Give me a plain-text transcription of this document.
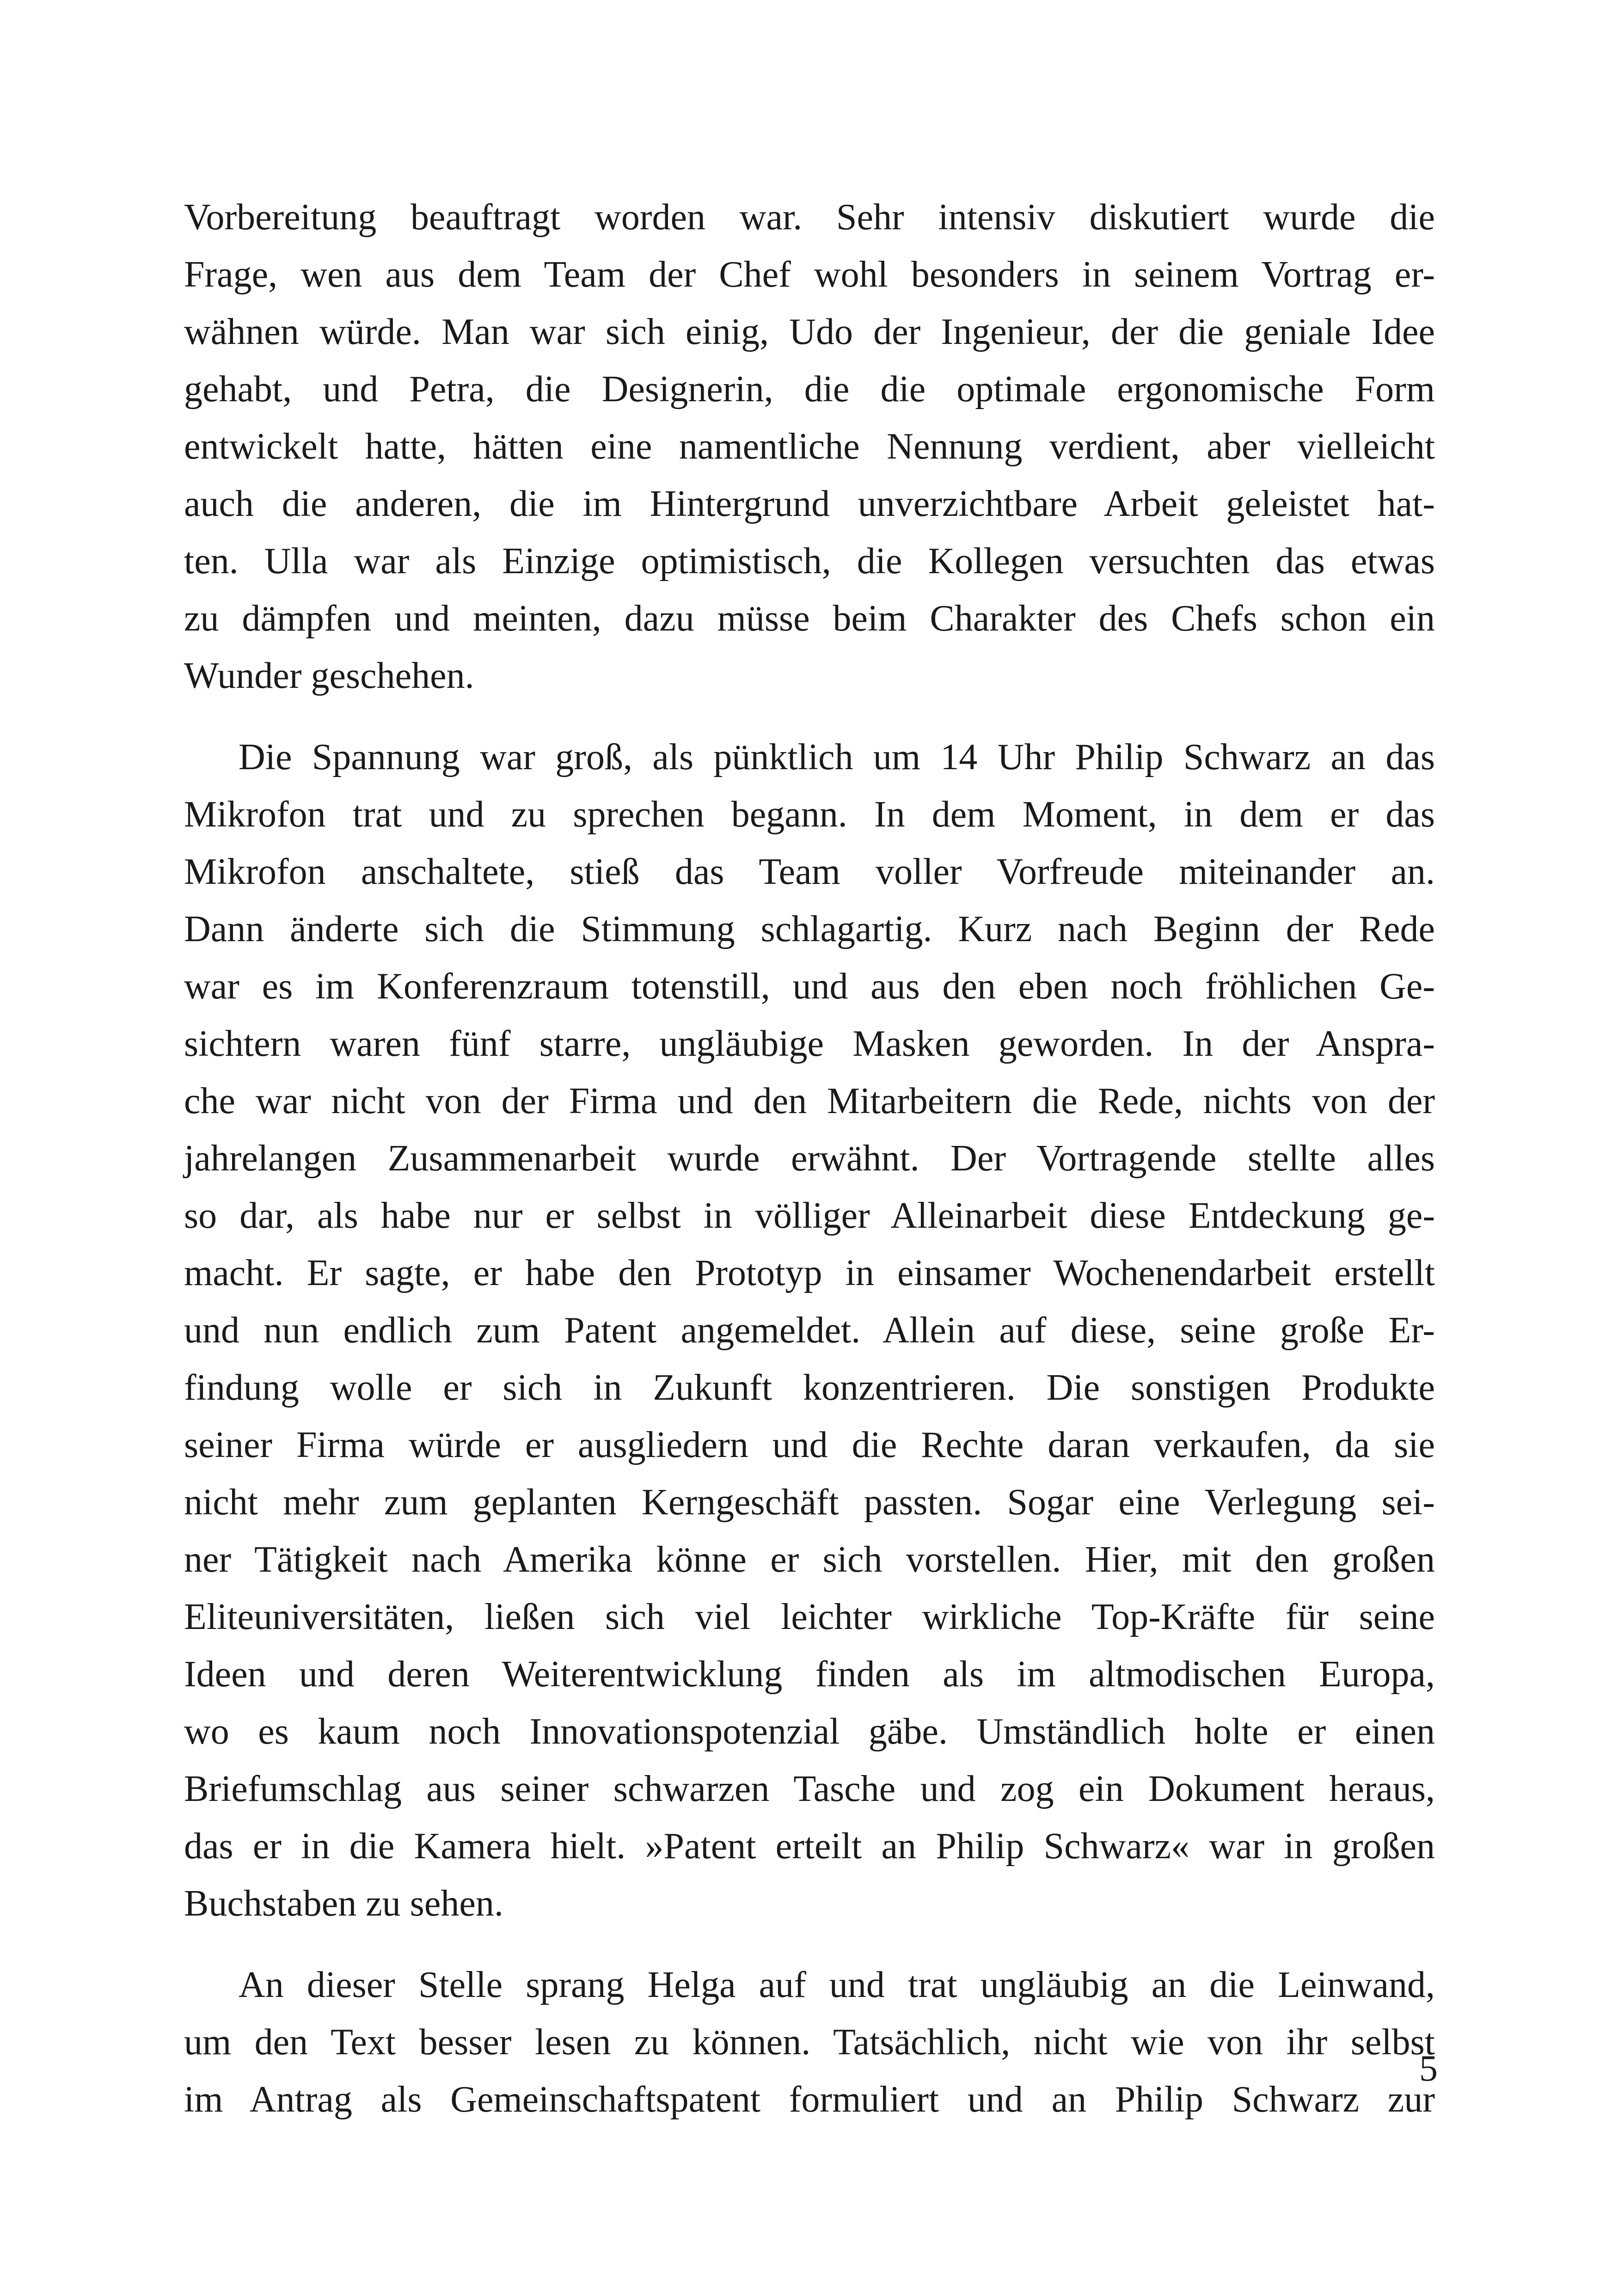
Vorbereitung beauftragt worden war. Sehr intensiv diskutiert wurde die
Frage, wen aus dem Team der Chef wohl besonders in seinem Vortrag er-
wähnen würde. Man war sich einig, Udo der Ingenieur, der die geniale Idee
gehabt, und Petra, die Designerin, die die optimale ergonomische Form
entwickelt hatte, hätten eine namentliche Nennung verdient, aber vielleicht
auch die anderen, die im Hintergrund unverzichtbare Arbeit geleistet hat-
ten. Ulla war als Einzige optimistisch, die Kollegen versuchten das etwas
zu dämpfen und meinten, dazu müsse beim Charakter des Chefs schon ein
Wunder geschehen.
Die Spannung war groß, als pünktlich um 14 Uhr Philip Schwarz an das
Mikrofon trat und zu sprechen begann. In dem Moment, in dem er das
Mikrofon anschaltete, stieß das Team voller Vorfreude miteinander an.
Dann änderte sich die Stimmung schlagartig. Kurz nach Beginn der Rede
war es im Konferenzraum totenstill, und aus den eben noch fröhlichen Ge-
sichtern waren fünf starre, ungläubige Masken geworden. In der Anspra-
che war nicht von der Firma und den Mitarbeitern die Rede, nichts von der
jahrelangen Zusammenarbeit wurde erwähnt. Der Vortragende stellte alles
so dar, als habe nur er selbst in völliger Alleinarbeit diese Entdeckung ge-
macht. Er sagte, er habe den Prototyp in einsamer Wochenendarbeit erstellt
und nun endlich zum Patent angemeldet. Allein auf diese, seine große Er-
findung wolle er sich in Zukunft konzentrieren. Die sonstigen Produkte
seiner Firma würde er ausgliedern und die Rechte daran verkaufen, da sie
nicht mehr zum geplanten Kerngeschäft passten. Sogar eine Verlegung sei-
ner Tätigkeit nach Amerika könne er sich vorstellen. Hier, mit den großen
Eliteuniversitäten, ließen sich viel leichter wirkliche Top-Kräfte für seine
Ideen und deren Weiterentwicklung finden als im altmodischen Europa,
wo es kaum noch Innovationspotenzial gäbe. Umständlich holte er einen
Briefumschlag aus seiner schwarzen Tasche und zog ein Dokument heraus,
das er in die Kamera hielt. »Patent erteilt an Philip Schwarz« war in großen
Buchstaben zu sehen.
An dieser Stelle sprang Helga auf und trat ungläubig an die Leinwand,
um den Text besser lesen zu können. Tatsächlich, nicht wie von ihr selbst
im Antrag als Gemeinschaftspatent formuliert und an Philip Schwarz zur
5
